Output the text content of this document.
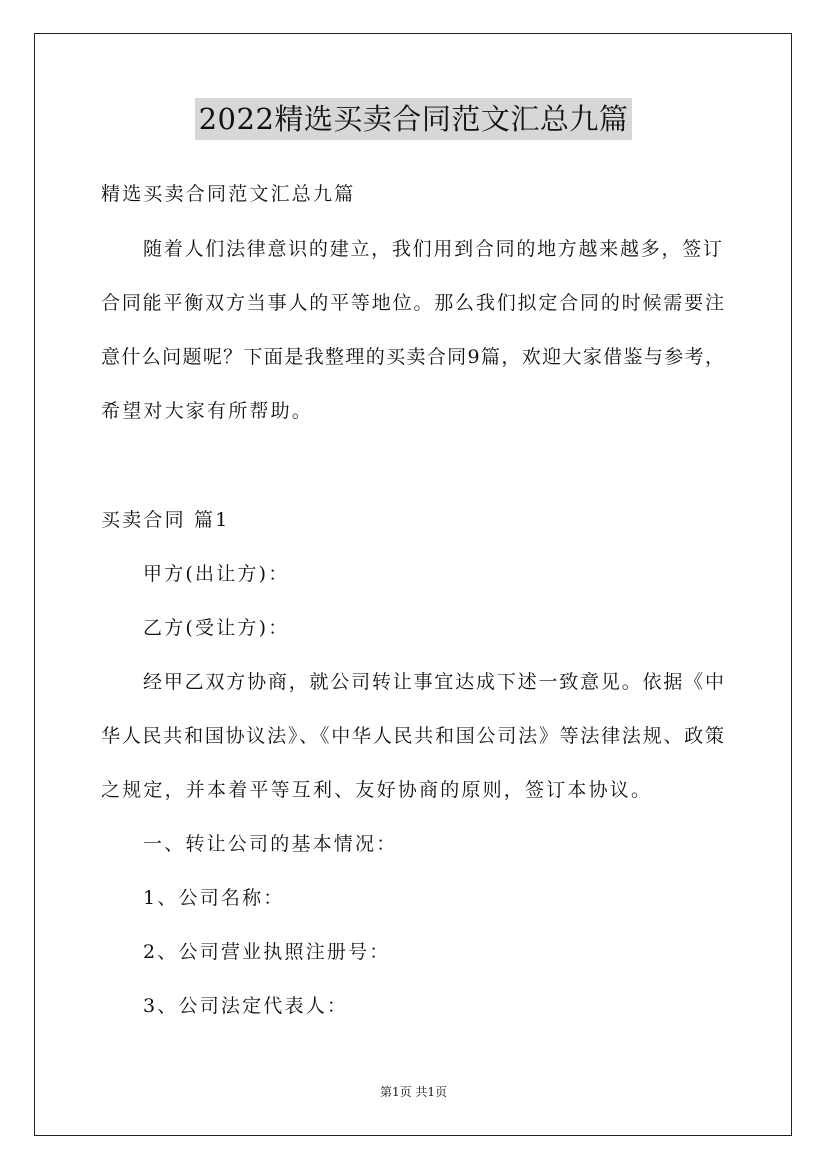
2022精选买卖合同范文汇总九篇
精选买卖合同范文汇总九篇
随着人们法律意识的建立，我们用到合同的地方越来越多，签订
合同能平衡双方当事人的平等地位。那么我们拟定合同的时候需要注
意什么问题呢？下面是我整理的买卖合同9篇，欢迎大家借鉴与参考，
希望对大家有所帮助。
买卖合同 篇1
甲方(出让方)：
乙方(受让方)：
经甲乙双方协商，就公司转让事宜达成下述一致意见。依据《中
华人民共和国协议法》、《中华人民共和国公司法》等法律法规、政策
之规定，并本着平等互利、友好协商的原则，签订本协议。
一、转让公司的基本情况：
1、公司名称：
2、公司营业执照注册号：
3、公司法定代表人：
第1页 共1页
